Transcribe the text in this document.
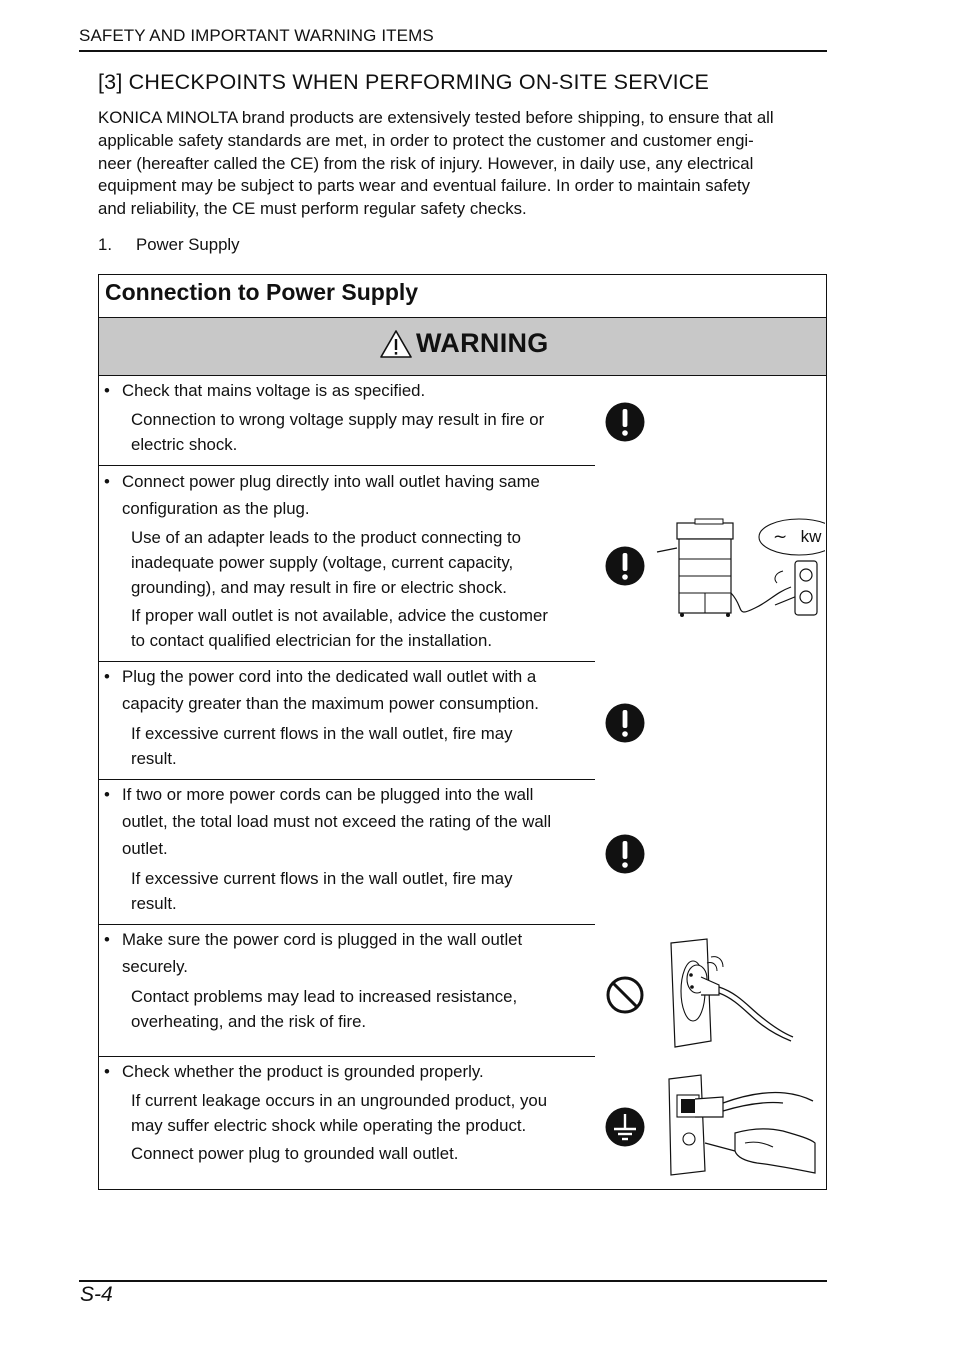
SAFETY AND IMPORTANT WARNING ITEMS
[3] CHECKPOINTS WHEN PERFORMING ON-SITE SERVICE
KONICA MINOLTA brand products are extensively tested before shipping, to ensure that all
applicable safety standards are met, in order to protect the customer and customer engi-
neer (hereafter called the CE) from the risk of injury. However, in daily use, any electrical
equipment may be subject to parts wear and eventual failure. In order to maintain safety
and reliability, the CE must perform regular safety checks.
1. Power Supply
Connection to Power Supply
WARNING
• Check that mains voltage is as specified.
Connection to wrong voltage supply may result in fire or
electric shock.
• Connect power plug directly into wall outlet having same
configuration as the plug.
Use of an adapter leads to the product connecting to
inadequate power supply (voltage, current capacity,
grounding), and may result in fire or electric shock.
If proper wall outlet is not available, advice the customer
to contact qualified electrician for the installation.
~ kw
• Plug the power cord into the dedicated wall outlet with a
capacity greater than the maximum power consumption.
If excessive current flows in the wall outlet, fire may
result.
• If two or more power cords can be plugged into the wall
outlet, the total load must not exceed the rating of the wall
outlet.
If excessive current flows in the wall outlet, fire may
result.
• Make sure the power cord is plugged in the wall outlet
securely.
Contact problems may lead to increased resistance,
overheating, and the risk of fire.
• Check whether the product is grounded properly.
If current leakage occurs in an ungrounded product, you
may suffer electric shock while operating the product.
Connect power plug to grounded wall outlet.
S-4
